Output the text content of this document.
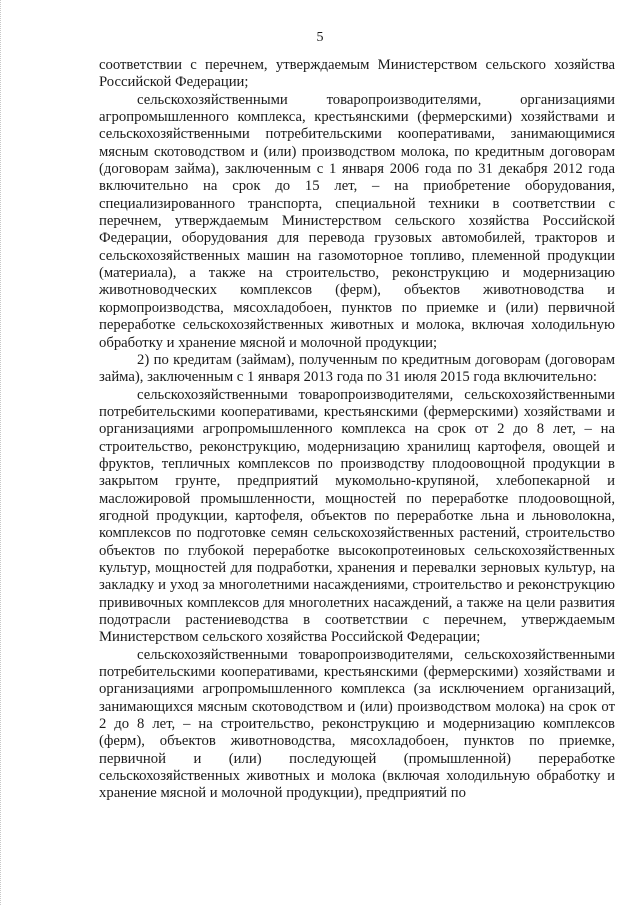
5

соответствии с перечнем, утверждаемым Министерством сельского хозяйства Российской Федерации;

сельскохозяйственными товаропроизводителями, организациями агропромышленного комплекса, крестьянскими (фермерскими) хозяйствами и сельскохозяйственными потребительскими кооперативами, занимающимися мясным скотоводством и (или) производством молока, по кредитным договорам (договорам займа), заключенным с 1 января 2006 года по 31 декабря 2012 года включительно на срок до 15 лет, – на приобретение оборудования, специализированного транспорта, специальной техники в соответствии с перечнем, утверждаемым Министерством сельского хозяйства Российской Федерации, оборудования для перевода грузовых автомобилей, тракторов и сельскохозяйственных машин на газомоторное топливо, племенной продукции (материала), а также на строительство, реконструкцию и модернизацию животноводческих комплексов (ферм), объектов животноводства и кормопроизводства, мясохладобоен, пунктов по приемке и (или) первичной переработке сельскохозяйственных животных и молока, включая холодильную обработку и хранение мясной и молочной продукции;

2) по кредитам (займам), полученным по кредитным договорам (договорам займа), заключенным с 1 января 2013 года по 31 июля 2015 года включительно:

сельскохозяйственными товаропроизводителями, сельскохозяйственными потребительскими кооперативами, крестьянскими (фермерскими) хозяйствами и организациями агропромышленного комплекса на срок от 2 до 8 лет, – на строительство, реконструкцию, модернизацию хранилищ картофеля, овощей и фруктов, тепличных комплексов по производству плодоовощной продукции в закрытом грунте, предприятий мукомольно-крупяной, хлебопекарной и масложировой промышленности, мощностей по переработке плодоовощной, ягодной продукции, картофеля, объектов по переработке льна и льноволокна, комплексов по подготовке семян сельскохозяйственных растений, строительство объектов по глубокой переработке высокопротеиновых сельскохозяйственных культур, мощностей для подработки, хранения и перевалки зерновых культур, на закладку и уход за многолетними насаждениями, строительство и реконструкцию прививочных комплексов для многолетних насаждений, а также на цели развития подотрасли растениеводства в соответствии с перечнем, утверждаемым Министерством сельского хозяйства Российской Федерации;

сельскохозяйственными товаропроизводителями, сельскохозяйственными потребительскими кооперативами, крестьянскими (фермерскими) хозяйствами и организациями агропромышленного комплекса (за исключением организаций, занимающихся мясным скотоводством и (или) производством молока) на срок от 2 до 8 лет, – на строительство, реконструкцию и модернизацию комплексов (ферм), объектов животноводства, мясохладобоен, пунктов по приемке, первичной и (или) последующей (промышленной) переработке сельскохозяйственных животных и молока (включая холодильную обработку и хранение мясной и молочной продукции), предприятий по
